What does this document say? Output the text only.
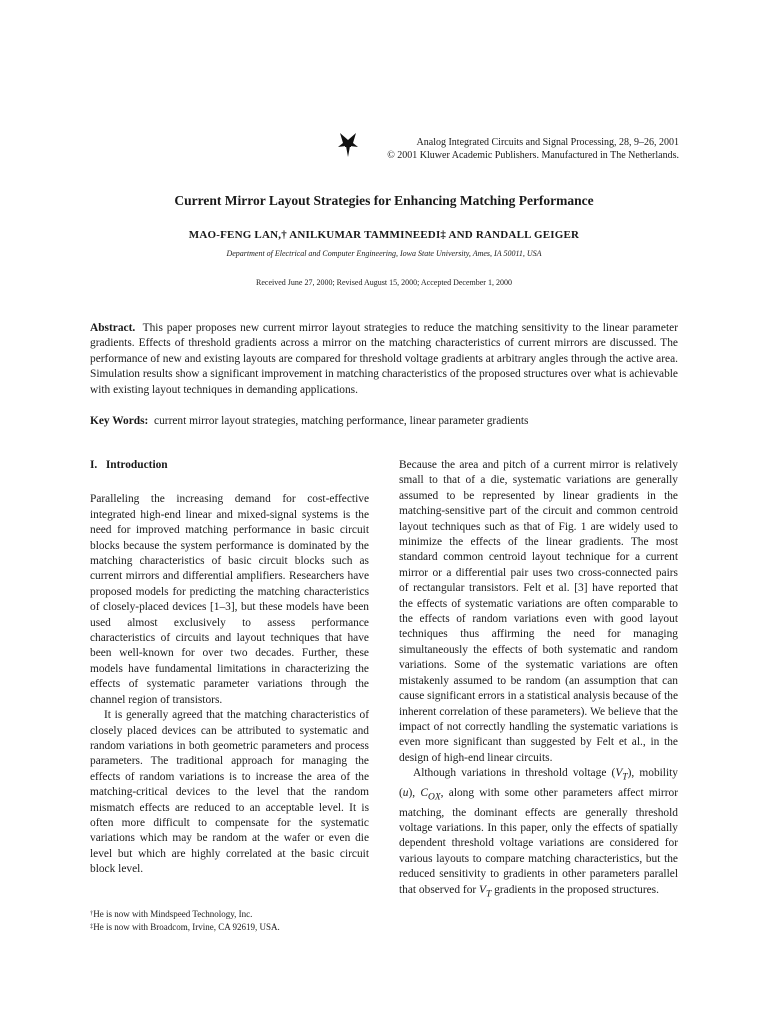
Analog Integrated Circuits and Signal Processing, 28, 9–26, 2001
© 2001 Kluwer Academic Publishers. Manufactured in The Netherlands.
Current Mirror Layout Strategies for Enhancing Matching Performance
MAO-FENG LAN,† ANILKUMAR TAMMINEEDI‡ AND RANDALL GEIGER
Department of Electrical and Computer Engineering, Iowa State University, Ames, IA 50011, USA
Received June 27, 2000; Revised August 15, 2000; Accepted December 1, 2000
Abstract. This paper proposes new current mirror layout strategies to reduce the matching sensitivity to the linear parameter gradients. Effects of threshold gradients across a mirror on the matching characteristics of current mirrors are discussed. The performance of new and existing layouts are compared for threshold voltage gradients at arbitrary angles through the active area. Simulation results show a significant improvement in matching characteristics of the proposed structures over what is achievable with existing layout techniques in demanding applications.
Key Words: current mirror layout strategies, matching performance, linear parameter gradients

I.   Introduction

Paralleling the increasing demand for cost-effective integrated high-end linear and mixed-signal systems is the need for improved matching performance in basic circuit blocks because the system performance is dominated by the matching characteristics of basic circuit blocks such as current mirrors and differential amplifiers. Researchers have proposed models for predicting the matching characteristics of closely-placed devices [1–3], but these models have been used almost exclusively to assess performance characteristics of circuits and layout techniques that have been well-known for over two decades. Further, these models have fundamental limitations in characterizing the effects of systematic parameter variations through the channel region of transistors.

It is generally agreed that the matching characteristics of closely placed devices can be attributed to systematic and random variations in both geometric parameters and process parameters. The traditional approach for managing the effects of random variations is to increase the area of the matching-critical devices to the level that the random mismatch effects are reduced to an acceptable level. It is often more difficult to compensate for the systematic variations which may be random at the wafer or even die level but which are highly correlated at the basic circuit block level.

Because the area and pitch of a current mirror is relatively small to that of a die, systematic variations are generally assumed to be represented by linear gradients in the matching-sensitive part of the circuit and common centroid layout techniques such as that of Fig. 1 are widely used to minimize the effects of the linear gradients. The most standard common centroid layout technique for a current mirror or a differential pair uses two cross-connected pairs of rectangular transistors. Felt et al. [3] have reported that the effects of systematic variations are often comparable to the effects of random variations even with good layout techniques thus affirming the need for managing simultaneously the effects of both systematic and random variations. Some of the systematic variations are often mistakenly assumed to be random (an assumption that can cause significant errors in a statistical analysis because of the inherent correlation of these parameters). We believe that the impact of not correctly handling the systematic variations is even more significant than suggested by Felt et al., in the design of high-end linear circuits.

Although variations in threshold voltage $(V_T)$, mobility (u), $C_{OX}$, along with some other parameters affect mirror matching, the dominant effects are generally threshold voltage variations. In this paper, only the effects of spatially dependent threshold voltage variations are considered for various layouts to compare matching characteristics, but the reduced sensitivity to gradients in other parameters parallel that observed for $V_T$ gradients in the proposed structures.

†He is now with Mindspeed Technology, Inc.
‡He is now with Broadcom, Irvine, CA 92619, USA.
